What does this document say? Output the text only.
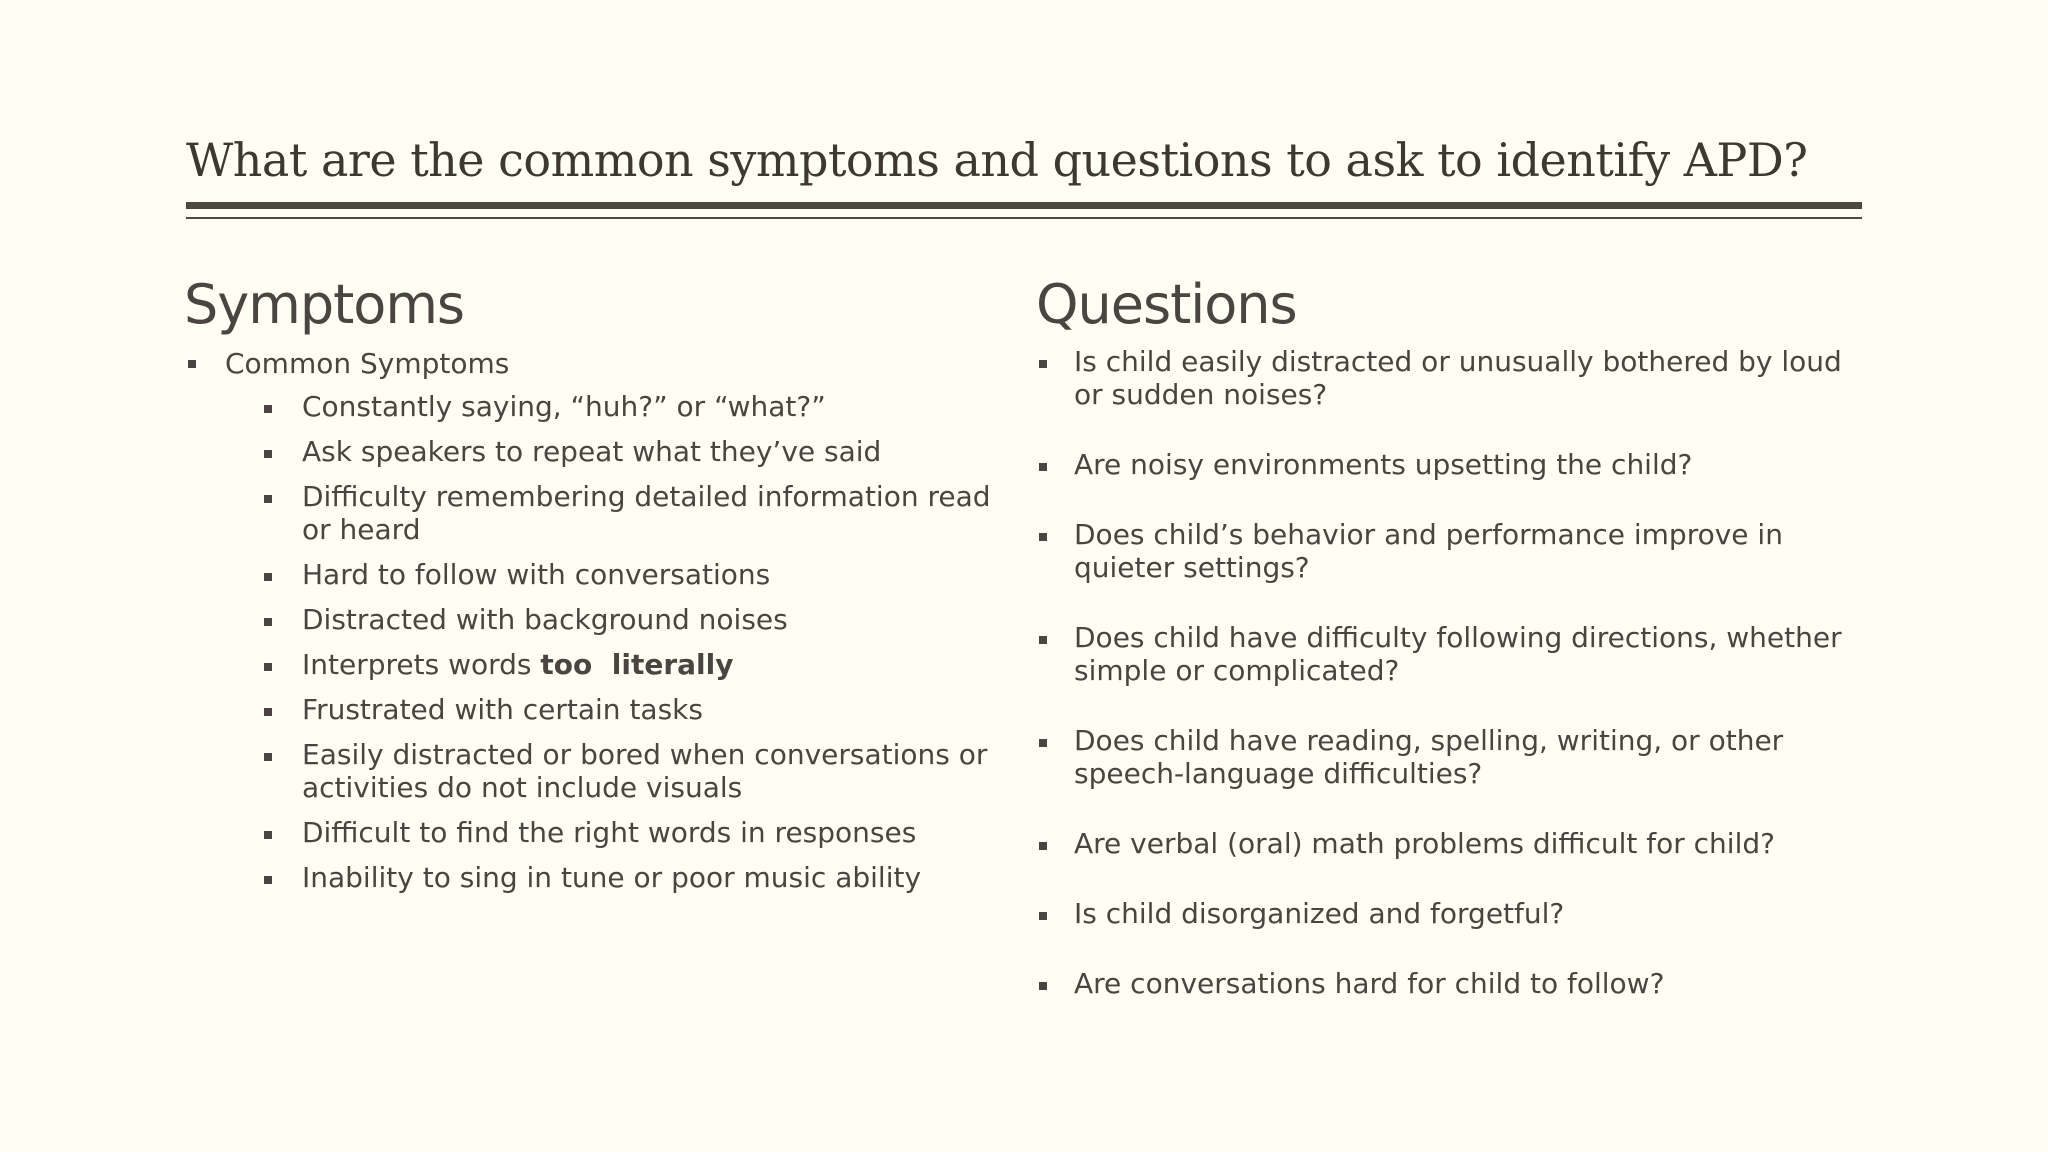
What are the common symptoms and questions to ask to identify APD?
Symptoms	Questions
Common Symptoms
Constantly saying, “huh?” or “what?”
Ask speakers to repeat what they’ve said
Difficulty remembering detailed information read or heard
Hard to follow with conversations
Distracted with background noises
Interprets words too  literally
Frustrated with certain tasks
Easily distracted or bored when conversations or activities do not include visuals
Difficult to find the right words in responses
Inability to sing in tune or poor music ability
Is child easily distracted or unusually bothered by loud or sudden noises?
Are noisy environments upsetting the child?
Does child’s behavior and performance improve in quieter settings?
Does child have difficulty following directions, whether simple or complicated?
Does child have reading, spelling, writing, or other speech-language difficulties?
Are verbal (oral) math problems difficult for child?
Is child disorganized and forgetful?
Are conversations hard for child to follow?
